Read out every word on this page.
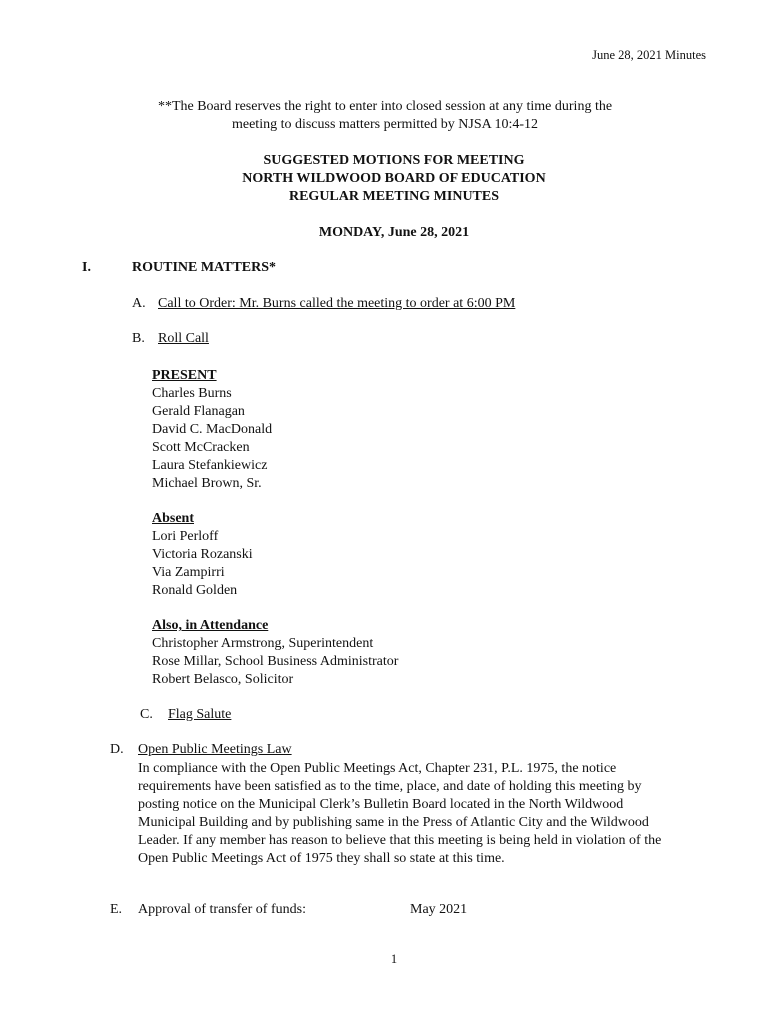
June 28, 2021 Minutes
**The Board reserves the right to enter into closed session at any time during the
meeting to discuss matters permitted by NJSA 10:4-12
SUGGESTED MOTIONS FOR MEETING
NORTH WILDWOOD BOARD OF EDUCATION
REGULAR MEETING MINUTES
MONDAY, June 28, 2021
I.	ROUTINE MATTERS*
A. Call to Order: Mr. Burns called the meeting to order at 6:00 PM
B. Roll Call
PRESENT
Charles Burns
Gerald Flanagan
David C. MacDonald
Scott McCracken
Laura Stefankiewicz
Michael Brown, Sr.
Absent
Lori Perloff
Victoria Rozanski
Via Zampirri
Ronald Golden
Also, in Attendance
Christopher Armstrong, Superintendent
Rose Millar, School Business Administrator
Robert Belasco, Solicitor
C. Flag Salute
D. Open Public Meetings Law
In compliance with the Open Public Meetings Act, Chapter 231, P.L. 1975, the notice
requirements have been satisfied as to the time, place, and date of holding this meeting by
posting notice on the Municipal Clerk’s Bulletin Board located in the North Wildwood
Municipal Building and by publishing same in the Press of Atlantic City and the Wildwood
Leader. If any member has reason to believe that this meeting is being held in violation of the
Open Public Meetings Act of 1975 they shall so state at this time.
E. Approval of transfer of funds:	May 2021
1
